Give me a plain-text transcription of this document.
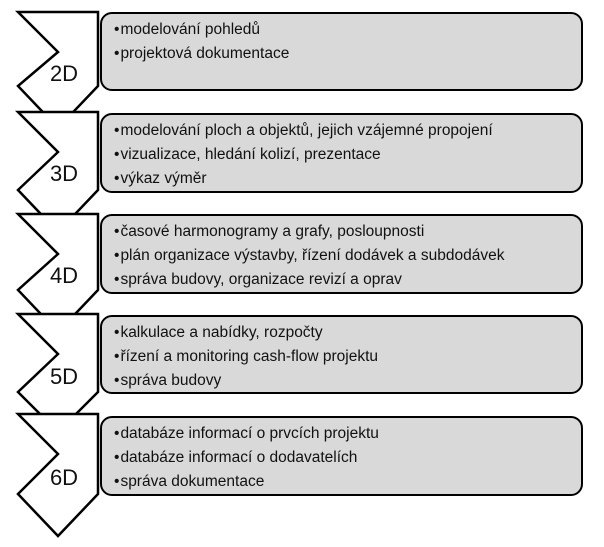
2D
3D
4D
5D
6D
• modelování pohledů
• projektová dokumentace
• modelování ploch a objektů, jejich vzájemné propojení
• vizualizace, hledání kolizí, prezentace
• výkaz výměr
• časové harmonogramy a grafy, posloupnosti
• plán organizace výstavby, řízení dodávek a subdodávek
• správa budovy, organizace revizí a oprav
• kalkulace a nabídky, rozpočty
• řízení a monitoring cash-flow projektu
• správa budovy
• databáze informací o prvcích projektu
• databáze informací o dodavatelích
• správa dokumentace
